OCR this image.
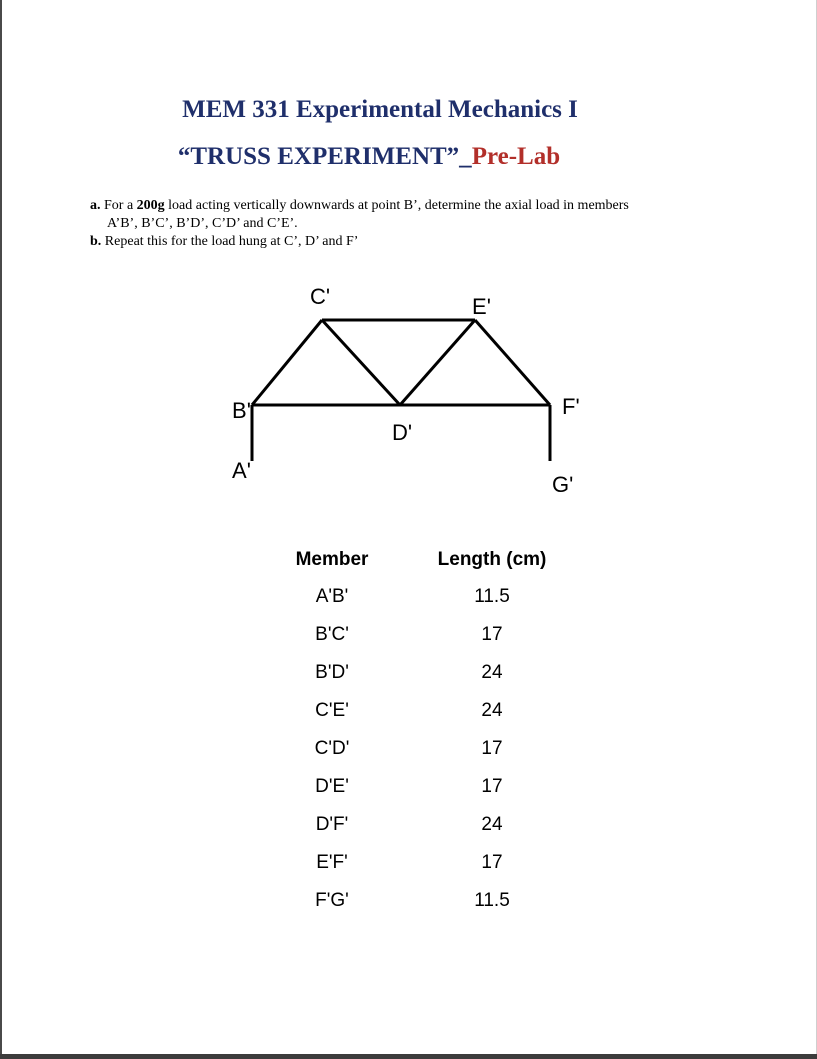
MEM 331 Experimental Mechanics I
“TRUSS EXPERIMENT”_Pre-Lab

a. For a 200g load acting vertically downwards at point B’, determine the axial load in members

A’B’, B’C’, B’D’, C’D’ and C’E’.

b. Repeat this for the load hung at C’, D’ and F’

Cʹ	Eʹ
Bʹ
Dʹ
Fʹ
Aʹ
Gʹ
Member	Length (cm)
A'B'	11.5
B'C'	17
B'D'	24
C'E'	24
C'D'	17
D'E'	17
D'F'	24
E'F'	17
F'G'	11.5
